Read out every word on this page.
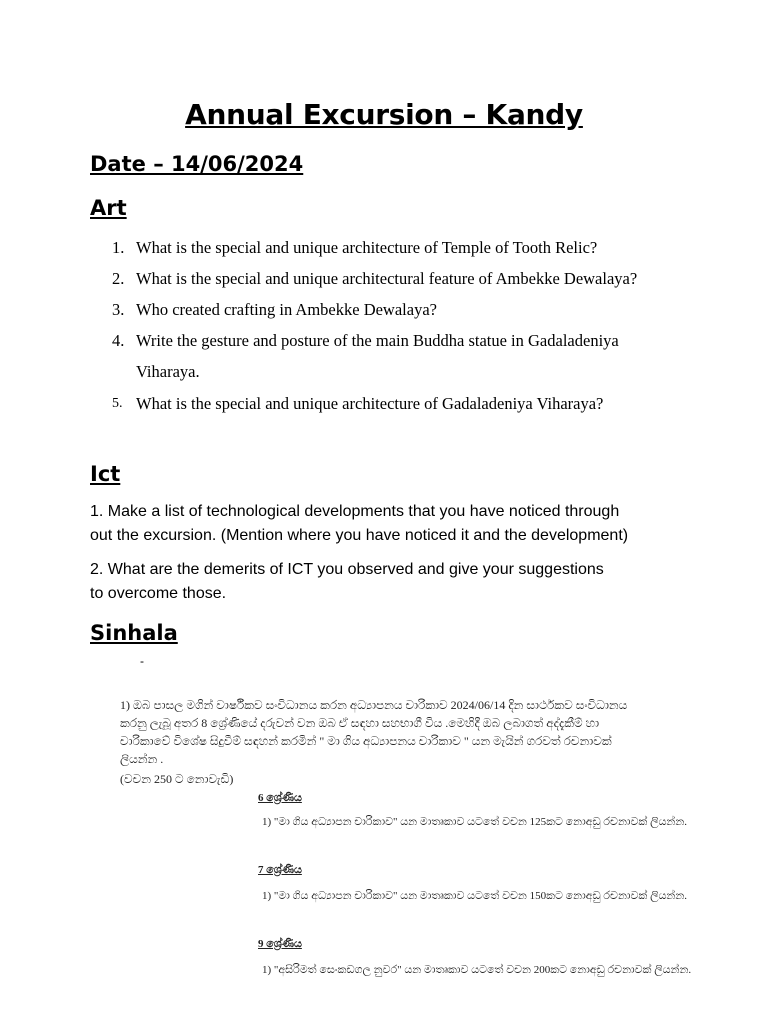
Annual Excursion – Kandy
Date – 14/06/2024
Art
1. What is the special and unique architecture of Temple of Tooth Relic?
2. What is the special and unique architectural feature of Ambekke Dewalaya?
3. Who created crafting in Ambekke Dewalaya?
4. Write the gesture and posture of the main Buddha statue in Gadaladeniya
Viharaya.
5. What is the special and unique architecture of Gadaladeniya Viharaya?
Ict
1. Make a list of technological developments that you have noticed through
out the excursion. (Mention where you have noticed it and the development)
2. What are the demerits of ICT you observed and give your suggestions
to overcome those.
Sinhala
-
1) ඔබ පාසල මගින් වාර්ෂිකව සංවිධානය කරන අධ්‍යාපනය චාරිකාව 2024/06/14 දින සාර්ථකව සංවිධානය
කරනු ලැබූ අතර 8 ශ්‍රේණියේ දරුවන් වන ඔබ ඒ සඳහා සහභාගී විය .මෙහිදී ඔබ ලබාගත් අද්දැකීම් හා
චාරිකාවේ විශේෂ සිදුවීම් සඳහන් කරමින් " මා ගිය අධ්‍යාපනය චාරිකාව " යන මැයින් ගරවත් රචනාවක්
ලියන්න .
(වචන 250 ට නොවැඩි)
6 ශ්‍රේණිය
1) "මා ගිය අධ්‍යාපන චාරිකාව" යන මාතෘකාව යටතේ වචන 125කට නොඅඩු රචනාවක් ලියන්න.
7 ශ්‍රේණිය
1) "මා ගිය අධ්‍යාපන චාරිකාව" යන මාතෘකාව යටතේ වචන 150කට නොඅඩු රචනාවක් ලියන්න.
9 ශ්‍රේණිය
1) "අසිරිමත් සෙංකඩගල නුවර" යන මාතෘකාව යටතේ වචන 200කට නොඅඩු රචනාවක් ලියන්න.
